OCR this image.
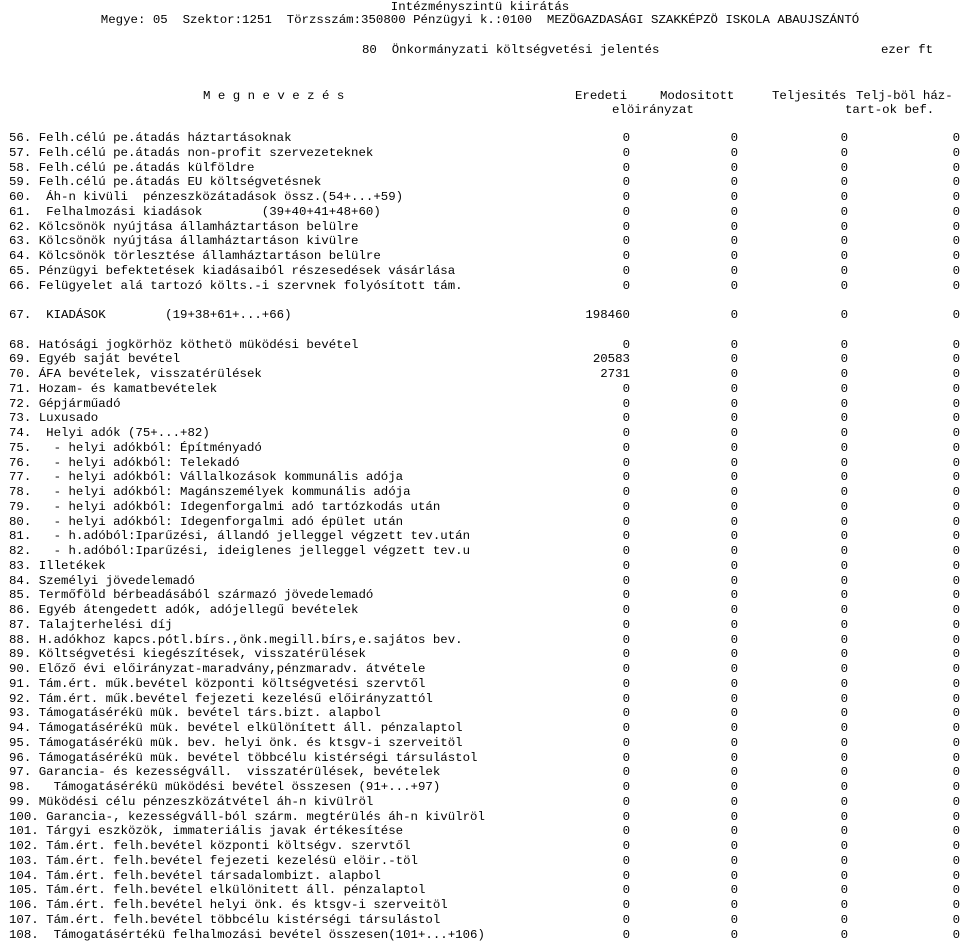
Intézményszintü kiirátás
Megye: 05  Szektor:1251  Törzsszám:350800 Pénzügyi k.:0100  MEZÖGAZDASÁGI SZAKKÉPZÖ ISKOLA ABAUJSZÁNTÓ
80  Önkormányzati költségvetési jelentés	ezer ft
M e g n e v e z é s	Eredeti	Modositott
elöirányzat
Teljesités Telj-böl ház-
tart-ok bef.
56. Felh.célú pe.átadás háztartásoknak	0	0	0	0
57. Felh.célú pe.átadás non-profit szervezeteknek	0	0	0	0
58. Felh.célú pe.átadás külföldre	0	0	0	0
59. Felh.célú pe.átadás EU költségvetésnek	0	0	0	0
60.  Áh-n kivüli  pénzeszközátadások össz.(54+...+59)	0	0	0	0
61.  Felhalmozási kiadások        (39+40+41+48+60)	0	0	0	0
62. Kölcsönök nyújtása államháztartáson belülre	0	0	0	0
63. Kölcsönök nyújtása államháztartáson kivülre	0	0	0	0
64. Kölcsönök törlesztése államháztartáson belülre	0	0	0	0
65. Pénzügyi befektetések kiadásaiból részesedések vásárlása	0	0	0	0
66. Felügyelet alá tartozó költs.-i szervnek folyósított tám.	0	0	0	0
67.  KIADÁSOK        (19+38+61+...+66)	198460	0	0	0
68. Hatósági jogkörhöz köthetö müködési bevétel	0	0	0	0
69. Egyéb saját bevétel	20583	0	0	0
70. ÁFA bevételek, visszatérülések	2731	0	0	0
71. Hozam- és kamatbevételek	0	0	0	0
72. Gépjárműadó	0	0	0	0
73. Luxusado	0	0	0	0
74.  Helyi adók (75+...+82)	0	0	0	0
75.   - helyi adókból: Építményadó	0	0	0	0
76.   - helyi adókból: Telekadó	0	0	0	0
77.   - helyi adókból: Vállalkozások kommunális adója	0	0	0	0
78.   - helyi adókból: Magánszemélyek kommunális adója	0	0	0	0
79.   - helyi adókból: Idegenforgalmi adó tartózkodás után	0	0	0	0
80.   - helyi adókból: Idegenforgalmi adó épület után	0	0	0	0
81.   - h.adóból:Iparűzési, állandó jelleggel végzett tev.után	0	0	0	0
82.   - h.adóból:Iparűzési, ideiglenes jelleggel végzett tev.u	0	0	0	0
83. Illetékek	0	0	0	0
84. Személyi jövedelemadó	0	0	0	0
85. Termőföld bérbeadásából származó jövedelemadó	0	0	0	0
86. Egyéb átengedett adók, adójellegű bevételek	0	0	0	0
87. Talajterhelési díj	0	0	0	0
88. H.adókhoz kapcs.pótl.bírs.,önk.megill.bírs,e.sajátos bev.	0	0	0	0
89. Költségvetési kiegészítések, visszatérülések	0	0	0	0
90. Előző évi előirányzat-maradvány,pénzmaradv. átvétele	0	0	0	0
91. Tám.ért. műk.bevétel központi költségvetési szervtől	0	0	0	0
92. Tám.ért. műk.bevétel fejezeti kezelésű előirányzattól	0	0	0	0
93. Támogatásérékü mük. bevétel társ.bizt. alapbol	0	0	0	0
94. Támogatásérékü mük. bevétel elkülönített áll. pénzalaptol	0	0	0	0
95. Támogatásérékü mük. bev. helyi önk. és ktsgv-i szerveitöl	0	0	0	0
96. Támogatásérékü mük. bevétel többcélu kistérségi társulástol	0	0	0	0
97. Garancia- és kezességváll.  visszatérülések, bevételek	0	0	0	0
98.   Támogatásérékü müködési bevétel összesen (91+...+97)	0	0	0	0
99. Müködési célu pénzeszközátvétel áh-n kivülröl	0	0	0	0
100. Garancia-, kezességváll-ból szárm. megtérülés áh-n kivülröl	0	0	0	0
101. Tárgyi eszközök, immateriális javak értékesítése	0	0	0	0
102. Tám.ért. felh.bevétel központi költségv. szervtől	0	0	0	0
103. Tám.ért. felh.bevétel fejezeti kezelésü elöir.-töl	0	0	0	0
104. Tám.ért. felh.bevétel társadalombizt. alapbol	0	0	0	0
105. Tám.ért. felh.bevétel elkülönitett áll. pénzalaptol	0	0	0	0
106. Tám.ért. felh.bevétel helyi önk. és ktsgv-i szerveitöl	0	0	0	0
107. Tám.ért. felh.bevétel többcélu kistérségi társulástol	0	0	0	0
108.  Támogatásértékü felhalmozási bevétel összesen(101+...+106)	0	0	0	0
